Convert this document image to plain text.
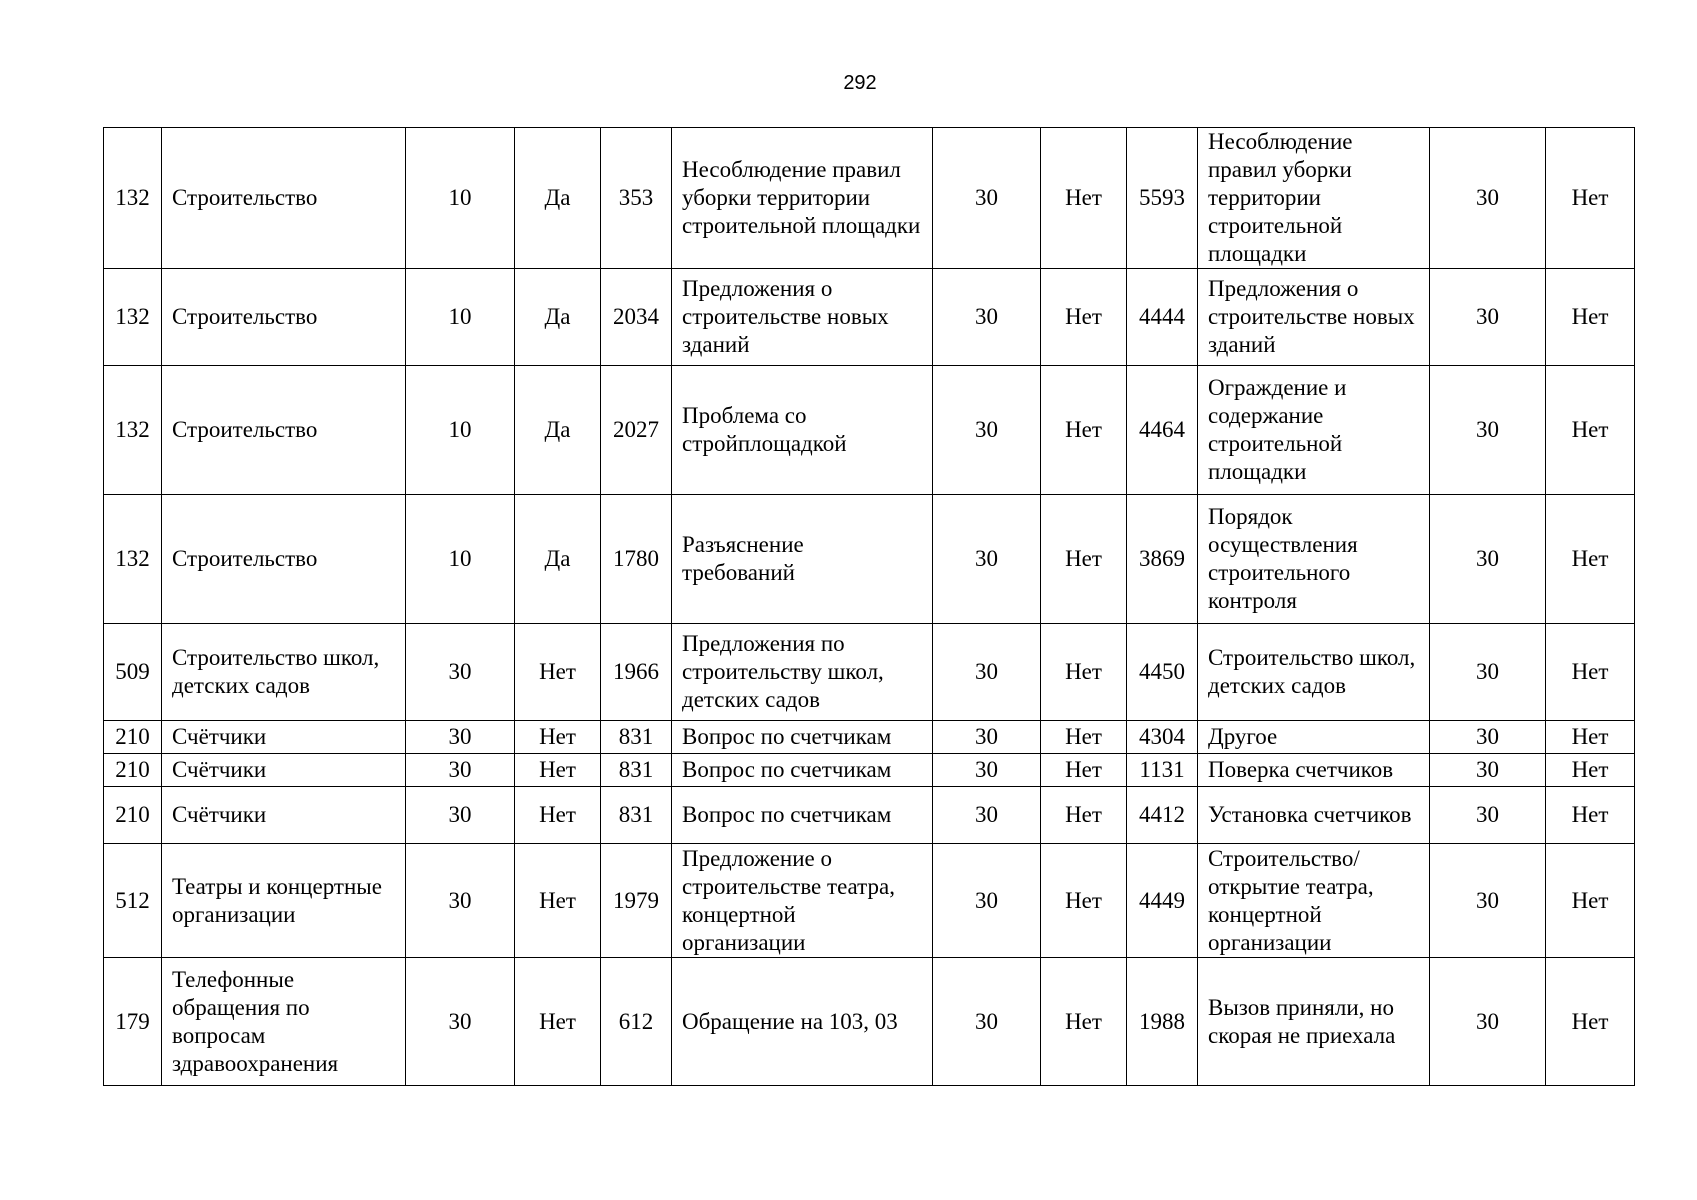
292
132	Строительство	10	Да	353	Несоблюдение правил уборки территории строительной площадки	30	Нет	5593	Несоблюдение правил уборки территории строительной площадки	30	Нет
132	Строительство	10	Да	2034	Предложения о строительстве новых зданий	30	Нет	4444	Предложения о строительстве новых зданий	30	Нет
132	Строительство	10	Да	2027	Проблема со стройплощадкой	30	Нет	4464	Ограждение и содержание строительной площадки	30	Нет
132	Строительство	10	Да	1780	Разъяснение требований	30	Нет	3869	Порядок осуществления строительного контроля	30	Нет
509	Строительство школ, детских садов	30	Нет	1966	Предложения по строительству школ, детских садов	30	Нет	4450	Строительство школ, детских садов	30	Нет
210	Счётчики	30	Нет	831	Вопрос по счетчикам	30	Нет	4304	Другое	30	Нет
210	Счётчики	30	Нет	831	Вопрос по счетчикам	30	Нет	1131	Поверка счетчиков	30	Нет
210	Счётчики	30	Нет	831	Вопрос по счетчикам	30	Нет	4412	Установка счетчиков	30	Нет
512	Театры и концертные организации	30	Нет	1979	Предложение о строительстве театра, концертной организации	30	Нет	4449	Строительство/открытие театра, концертной организации	30	Нет
179	Телефонные обращения по вопросам здравоохранения	30	Нет	612	Обращение на 103, 03	30	Нет	1988	Вызов приняли, но скорая не приехала	30	Нет
